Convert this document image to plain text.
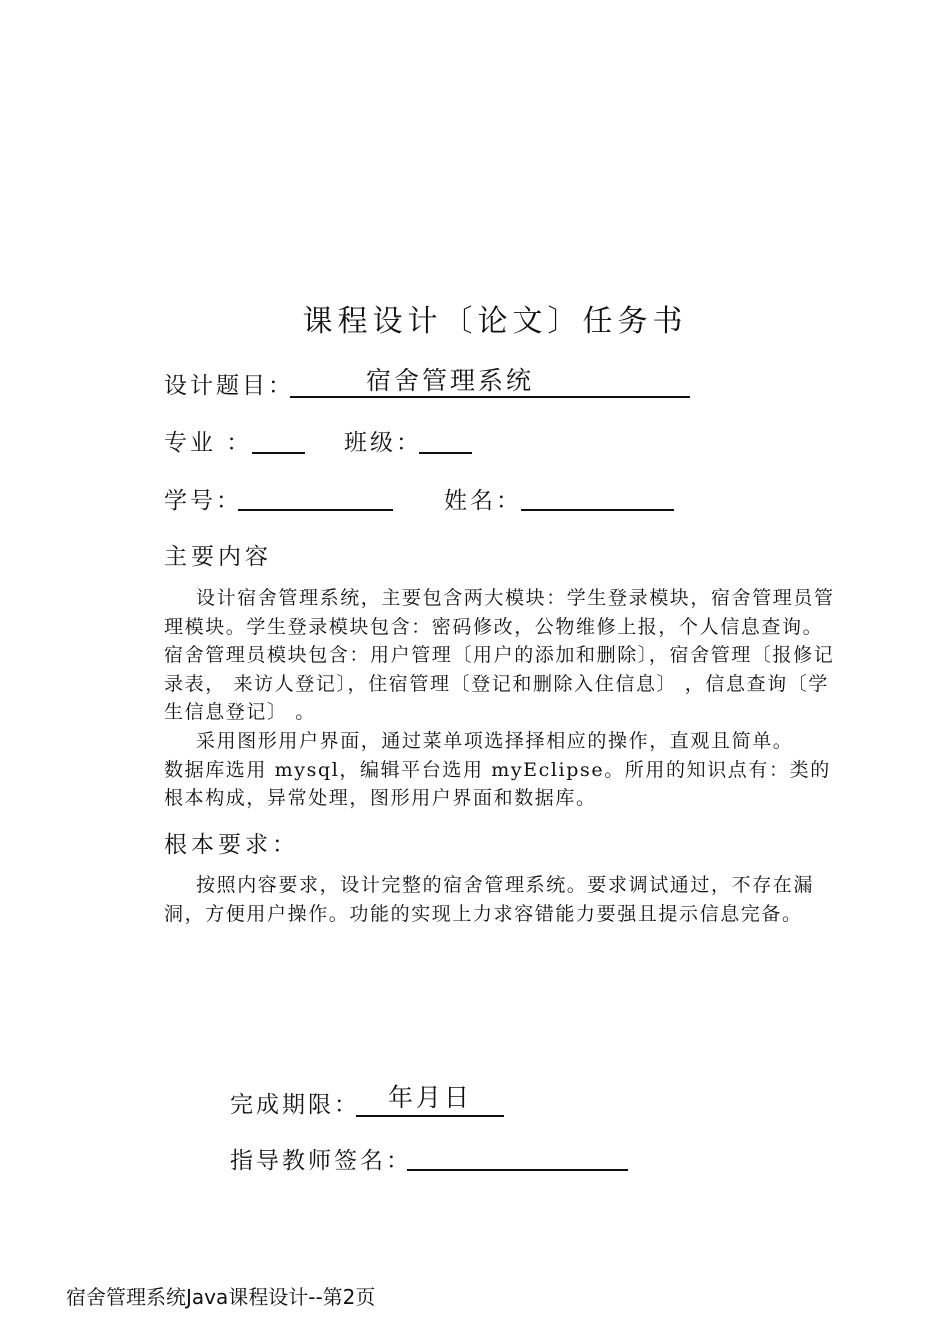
课程设计〔论文〕任务书
设计题目：	宿舍管理系统
专业 ：	班级：
学号：	姓名：
主要内容
设计宿舍管理系统，主要包含两大模块：学生登录模块，宿舍管理员管理模块。学生登录模块包含：密码修改，公物维修上报，个人信息查询。宿舍管理员模块包含：用户管理〔用户的添加和删除〕，宿舍管理〔报修记录表， 来访人登记〕，住宿管理〔登记和删除入住信息〕 ，信息查询〔学生信息登记〕 。
采用图形用户界面，通过菜单项选择择相应的操作，直观且简单。
数据库选用 mysql，编辑平台选用 myEclipse。所用的知识点有：类的根本构成，异常处理，图形用户界面和数据库。
根本要求：
按照内容要求，设计完整的宿舍管理系统。要求调试通过，不存在漏洞，方便用户操作。功能的实现上力求容错能力要强且提示信息完备。
完成期限： 年月日
指导教师签名：
宿舍管理系统Java课程设计--第2页
